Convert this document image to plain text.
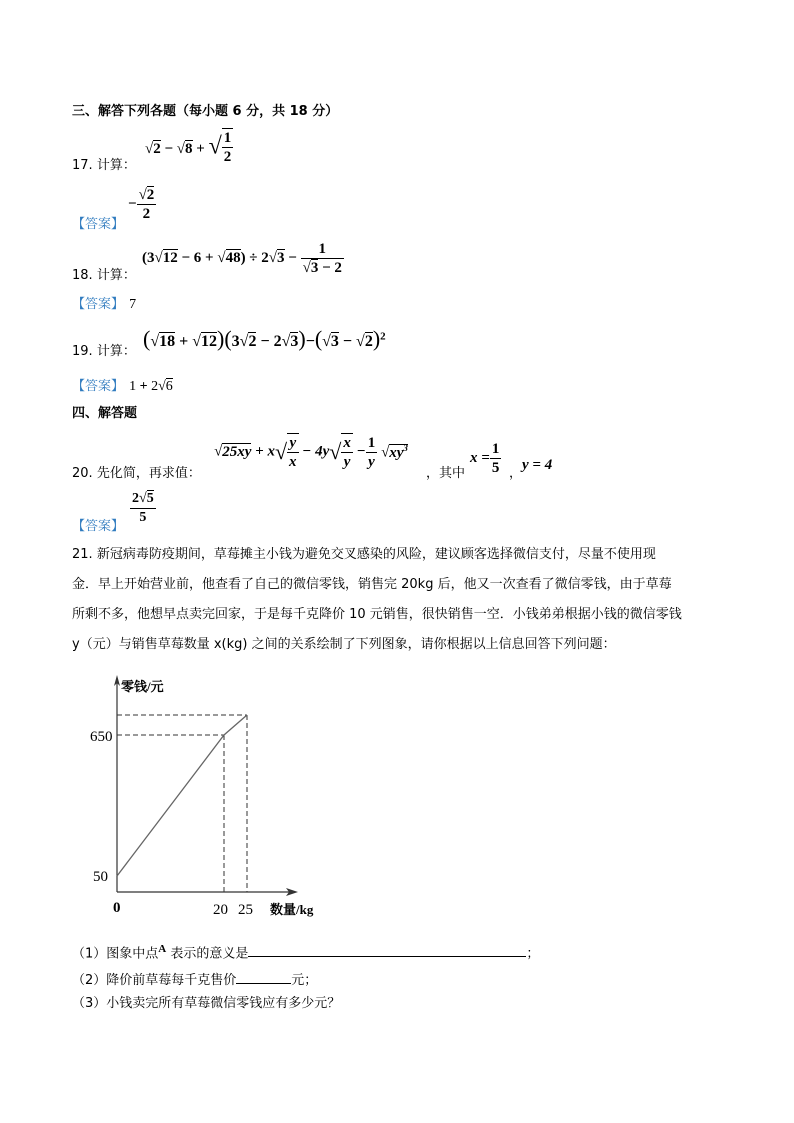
三、解答下列各题（每小题 6 分，共 18 分）
17. 计算：
√2 − √8 + √ $\frac{1}{2}$
【答案】
− $\frac{√2}{2}$
18. 计算：
$(3√12 - 6 + √48) \div 2√3 - \frac{1}{√3 - 2}$
【答案】 7
19. 计算：
$(√18 + √12)(3√2 - 2√3)-(√3 - √2)^2$
【答案】 1 + 2√6
四、解答题
20. 先化简，再求值：
$√25xy + x√ \frac{y}{x} - 4y√ \frac{x}{y} - \frac{1}{y} √xy^3$
，其中
$x = \frac{1}{5}$ ，
y = 4
【答案】 $\frac{2√5}{5}$
21. 新冠病毒防疫期间，草莓摊主小钱为避免交叉感染的风险，建议顾客选择微信支付，尽量不使用现
金．早上开始营业前，他查看了自己的微信零钱，销售完 20kg 后，他又一次查看了微信零钱，由于草莓
所剩不多，他想早点卖完回家，于是每千克降价 10 元销售，很快销售一空．小钱弟弟根据小钱的微信零钱
y（元）与销售草莓数量 x(kg) 之间的关系绘制了下列图象，请你根据以上信息回答下列问题：
零钱/元
650
50
0	20 25 数量/kg
（1）图象中点$^A$ 表示的意义是	；
（2）降价前草莓每千克售价	元；
（3）小钱卖完所有草莓微信零钱应有多少元？
